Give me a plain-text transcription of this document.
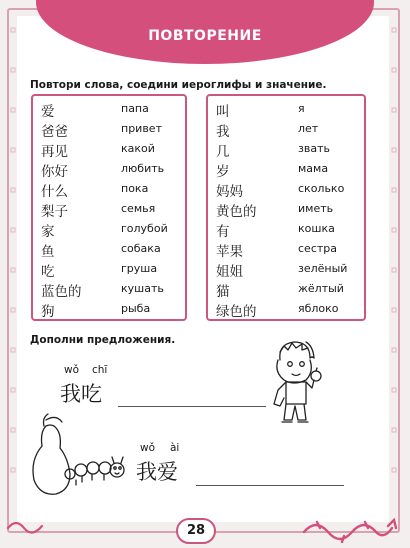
ПОВТОРЕНИЕ
Повтори слова, соедини иероглифы и значение.
爱
爸爸
再见
你好
什么
梨子
家
鱼
吃
蓝色的
狗
папа
привет
какой
любить
пока
семья
голубой
собака
груша
кушать
рыба
叫
我
几
岁
妈妈
黄色的
有
苹果
姐姐
猫
绿色的
я
лет
звать
мама
сколько
иметь
кошка
сестра
зелёный
жёлтый
яблоко
Дополни предложения.
wǒ chī
我吃
wǒ ài
我爱
28
